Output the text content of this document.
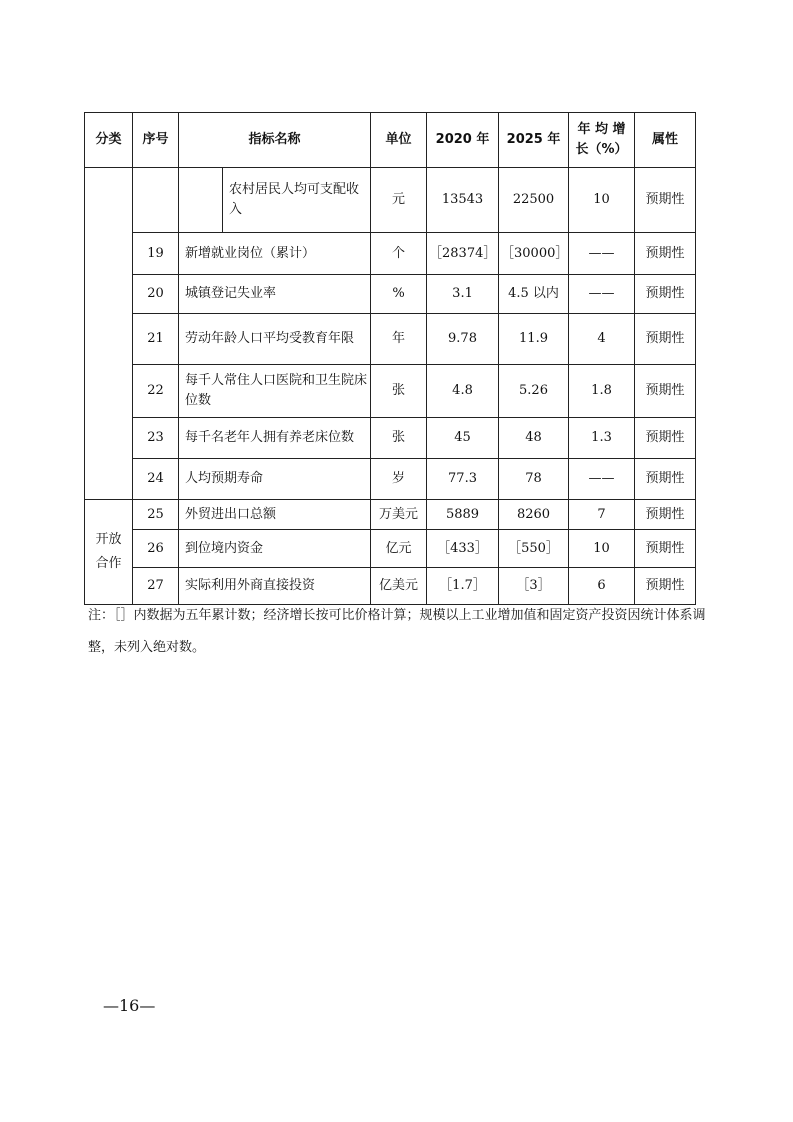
分类	序号	指标名称		单位	2020 年	2025 年	年 均 增长（%）	属性
			农村居民人均可支配收入	元	13543	22500	10	预期性
	19	新增就业岗位（累计）		个	［28374］	［30000］	——	预期性
	20	城镇登记失业率		%	3.1	4.5 以内	——	预期性
	21	劳动年龄人口平均受教育年限		年	9.78	11.9	4	预期性
	22	每千人常住人口医院和卫生院床位数		张	4.8	5.26	1.8	预期性
	23	每千名老年人拥有养老床位数		张	45	48	1.3	预期性
	24	人均预期寿命		岁	77.3	78	——	预期性
开放合作	25	外贸进出口总额		万美元	5889	8260	7	预期性
	26	到位境内资金		亿元	［433］	［550］	10	预期性
	27	实际利用外商直接投资		亿美元	［1.7］	［3］	6	预期性
注：［］内数据为五年累计数；经济增长按可比价格计算；规模以上工业增加值和固定资产投资因统计体系调整，未列入绝对数。
—16—
